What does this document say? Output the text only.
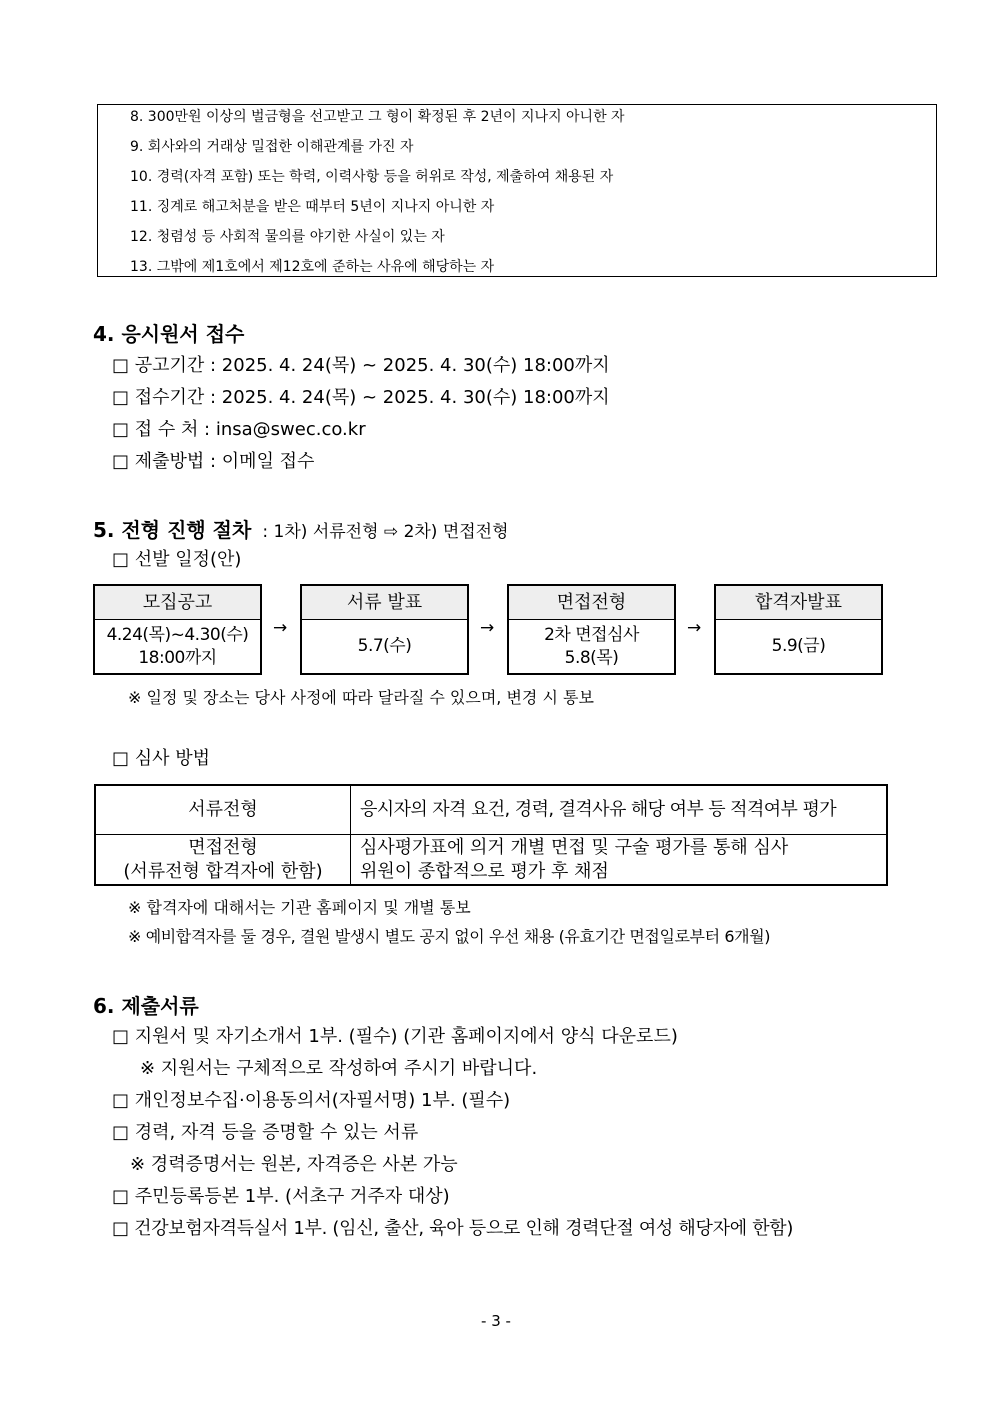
8. 300만원 이상의 벌금형을 선고받고 그 형이 확정된 후 2년이 지나지 아니한 자
9. 회사와의 거래상 밀접한 이해관계를 가진 자
10. 경력(자격 포함) 또는 학력, 이력사항 등을 허위로 작성, 제출하여 채용된 자
11. 징계로 해고처분을 받은 때부터 5년이 지나지 아니한 자
12. 청렴성 등 사회적 물의를 야기한 사실이 있는 자
13. 그밖에 제1호에서 제12호에 준하는 사유에 해당하는 자
4. 응시원서 접수
□ 공고기간 : 2025. 4. 24(목) ~ 2025. 4. 30(수) 18:00까지
□ 접수기간 : 2025. 4. 24(목) ~ 2025. 4. 30(수) 18:00까지
□ 접 수 처 : insa@swec.co.kr
□ 제출방법 : 이메일 접수
5. 전형 진행 절차 : 1차) 서류전형 ⇨ 2차) 면접전형
□ 선발 일정(안)
모집공고
4.24(목)~4.30(수)
18:00까지
→
서류 발표
5.7(수)
→
면접전형
2차 면접심사
5.8(목)
→
합격자발표
5.9(금)
※ 일정 및 장소는 당사 사정에 따라 달라질 수 있으며, 변경 시 통보
□ 심사 방법
서류전형	응시자의 자격 요건, 경력, 결격사유 해당 여부 등 적격여부 평가
면접전형
(서류전형 합격자에 한함)
심사평가표에 의거 개별 면접 및 구술 평가를 통해 심사
위원이 종합적으로 평가 후 채점
※ 합격자에 대해서는 기관 홈페이지 및 개별 통보
※ 예비합격자를 둘 경우, 결원 발생시 별도 공지 없이 우선 채용 (유효기간 면접일로부터 6개월)
6. 제출서류
□ 지원서 및 자기소개서 1부. (필수) (기관 홈페이지에서 양식 다운로드)
※ 지원서는 구체적으로 작성하여 주시기 바랍니다.
□ 개인정보수집·이용동의서(자필서명) 1부. (필수)
□ 경력, 자격 등을 증명할 수 있는 서류
※ 경력증명서는 원본, 자격증은 사본 가능
□ 주민등록등본 1부. (서초구 거주자 대상)
□ 건강보험자격득실서 1부. (임신, 출산, 육아 등으로 인해 경력단절 여성 해당자에 한함)
- 3 -
